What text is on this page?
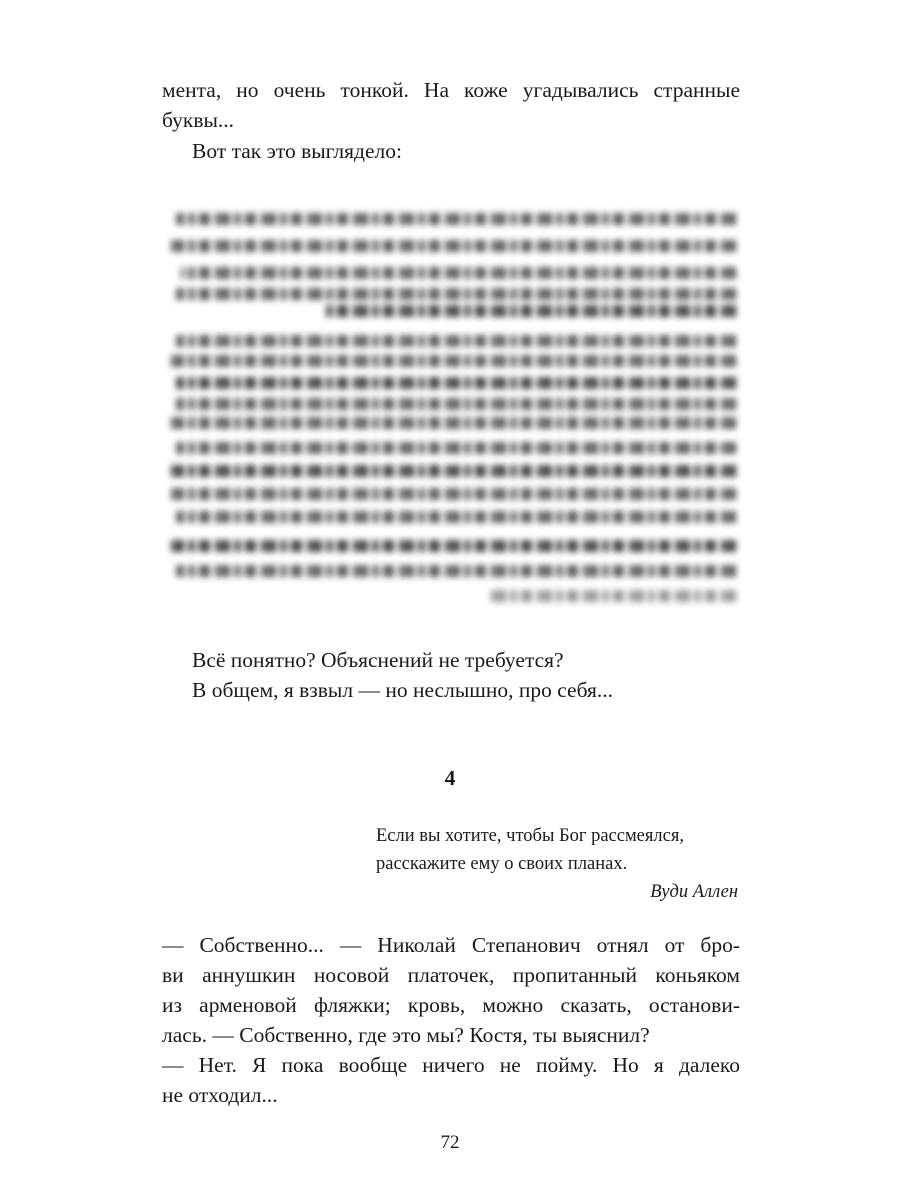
мента, но очень тонкой. На коже угадывались странные

буквы...

Вот так это выглядело:

Всё понятно? Объяснений не требуется?

В общем, я взвыл — но неслышно, про себя...

4

Если вы хотите, чтобы Бог рассмеялся,

расскажите ему о своих планах.

Вуди Аллен

— Собственно... — Николай Степанович отнял от бро-

ви аннушкин носовой платочек, пропитанный коньяком

из арменовой фляжки; кровь, можно сказать, останови-

лась. — Собственно, где это мы? Костя, ты выяснил?

— Нет. Я пока вообще ничего не пойму. Но я далеко

не отходил...

72
